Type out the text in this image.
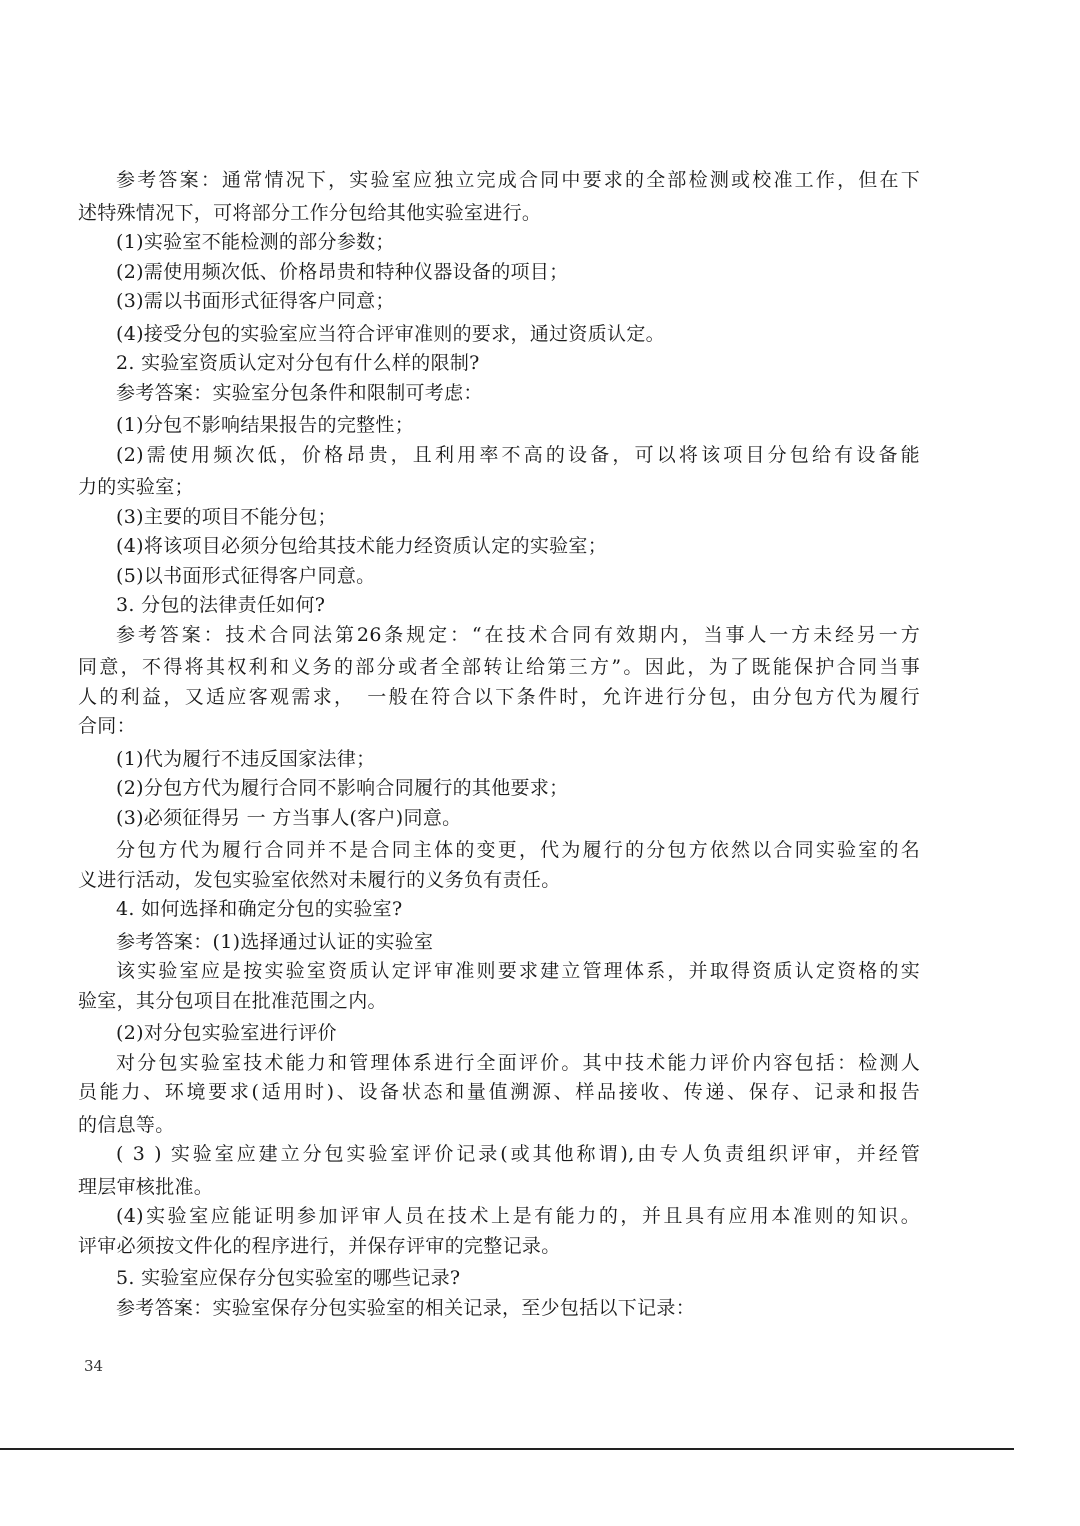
参考答案：通常情况下，实验室应独立完成合同中要求的全部检测或校准工作，但在下
述特殊情况下，可将部分工作分包给其他实验室进行。
(1)实验室不能检测的部分参数；
(2)需使用频次低、价格昂贵和特种仪器设备的项目；
(3)需以书面形式征得客户同意；
(4)接受分包的实验室应当符合评审准则的要求，通过资质认定。
2. 实验室资质认定对分包有什么样的限制?
参考答案：实验室分包条件和限制可考虑：
(1)分包不影响结果报告的完整性；
(2)需使用频次低，价格昂贵，且利用率不高的设备，可以将该项目分包给有设备能
力的实验室；
(3)主要的项目不能分包；
(4)将该项目必须分包给其技术能力经资质认定的实验室；
(5)以书面形式征得客户同意。
3. 分包的法律责任如何?
参考答案：技术合同法第26条规定：“在技术合同有效期内，当事人一方未经另一方
同意，不得将其权利和义务的部分或者全部转让给第三方”。因此，为了既能保护合同当事
人的利益，又适应客观需求，　一般在符合以下条件时，允许进行分包，由分包方代为履行
合同：
(1)代为履行不违反国家法律；
(2)分包方代为履行合同不影响合同履行的其他要求；
(3)必须征得另 一 方当事人(客户)同意。
分包方代为履行合同并不是合同主体的变更，代为履行的分包方依然以合同实验室的名
义进行活动，发包实验室依然对未履行的义务负有责任。
4. 如何选择和确定分包的实验室?
参考答案：(1)选择通过认证的实验室
该实验室应是按实验室资质认定评审准则要求建立管理体系，并取得资质认定资格的实
验室，其分包项目在批准范围之内。
(2)对分包实验室进行评价
对分包实验室技术能力和管理体系进行全面评价。其中技术能力评价内容包括：检测人
员能力、环境要求(适用时)、设备状态和量值溯源、样品接收、传递、保存、记录和报告
的信息等。
( 3 ) 实验室应建立分包实验室评价记录(或其他称谓),由专人负责组织评审，并经管
理层审核批准。
(4)实验室应能证明参加评审人员在技术上是有能力的，并且具有应用本准则的知识。
评审必须按文件化的程序进行，并保存评审的完整记录。
5. 实验室应保存分包实验室的哪些记录?
参考答案：实验室保存分包实验室的相关记录，至少包括以下记录：
34
